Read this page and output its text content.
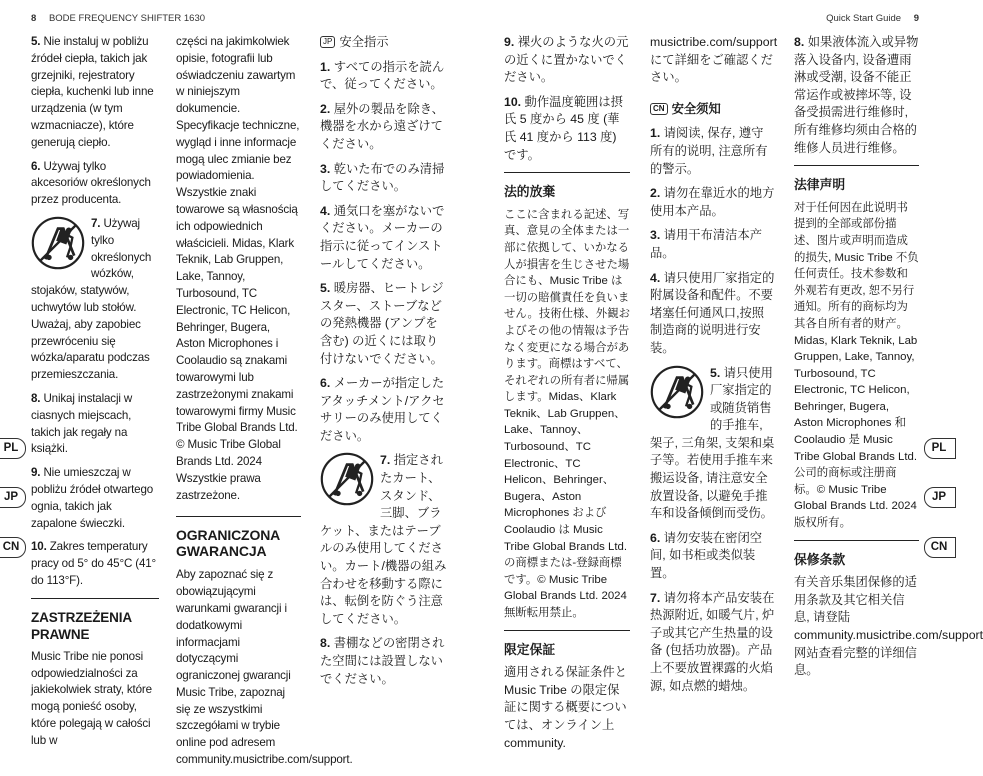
8 BODE FREQUENCY SHIFTER 1630	Quick Start Guide 9
PL
JP
CN
PL
JP
CN

5. Nie instaluj w pobliżu źródeł ciepła, takich jak grzejniki, rejestratory ciepła, kuchenki lub inne urządzenia (w tym wzmacniacze), które generują ciepło.

6. Używaj tylko akcesoriów określonych przez producenta.

7. Używaj tylko określonych wózków, stojaków, statywów, uchwytów lub stołów. Uważaj, aby zapobiec przewróceniu się wózka/aparatu podczas przemieszczania.

8. Unikaj instalacji w ciasnych miejscach, takich jak regały na książki.

9. Nie umieszczaj w pobliżu źródeł otwartego ognia, takich jak zapalone świeczki.

10. Zakres temperatury pracy od 5° do 45°C (41° do 113°F).

ZASTRZEŻENIA PRAWNE

Music Tribe nie ponosi odpowiedzialności za jakiekolwiek straty, które mogą ponieść osoby, które polegają w całości lub w

części na jakimkolwiek opisie, fotografii lub oświadczeniu zawartym w niniejszym dokumencie. Specyfikacje techniczne, wygląd i inne informacje mogą ulec zmianie bez powiadomienia. Wszystkie znaki towarowe są własnością ich odpowiednich właścicieli. Midas, Klark Teknik, Lab Gruppen, Lake, Tannoy, Turbosound, TC Electronic, TC Helicon, Behringer, Bugera, Aston Microphones i Coolaudio są znakami towarowymi lub zastrzeżonymi znakami towarowymi firmy Music Tribe Global Brands Ltd. © Music Tribe Global Brands Ltd. 2024 Wszystkie prawa zastrzeżone.

OGRANICZONA GWARANCJA

Aby zapoznać się z obowiązującymi warunkami gwarancji i dodatkowymi informacjami dotyczącymi ograniczonej gwarancji Music Tribe, zapoznaj się ze wszystkimi szczegółami w trybie online pod adresem community.musictribe.com/support.

JP 安全指示

1. すべての指示を読んで、従ってください。

2. 屋外の製品を除き、機器を水から遠ざけてください。

3. 乾いた布でのみ清掃してください。

4. 通気口を塞がないでください。メーカーの指示に従ってインストールしてください。

5. 暖房器、ヒートレジスター、ストーブなどの発熱機器 (アンプを含む) の近くには取り付けないでください。

6. メーカーが指定したアタッチメント/アクセサリーのみ使用してください。

7. 指定されたカート、スタンド、三脚、ブラケット、またはテーブルのみ使用してください。カート/機器の組み合わせを移動する際には、転倒を防ぐう注意してください。

8. 書棚などの密閉された空間には設置しないでください。

9. 裸火のような火の元の近くに置かないでください。

10. 動作温度範囲は摂氏 5 度から 45 度 (華氏 41 度から 113 度) です。

法的放棄

ここに含まれる記述、写真、意見の全体または一部に依拠して、いかなる人が損害を生じさせた場合にも、Music Tribe は一切の賠償責任を負いません。技術仕様、外観およびその他の情報は予告なく変更になる場合があります。商標はすべて、それぞれの所有者に帰属します。Midas、Klark Teknik、Lab Gruppen、Lake、Tannoy、Turbosound、TC Electronic、TC Helicon、Behringer、Bugera、Aston Microphones および Coolaudio は Music Tribe Global Brands Ltd. の商標または-登録商標です。© Music Tribe Global Brands Ltd. 2024 無断転用禁止。

限定保証

適用される保証条件と Music Tribe の限定保証に関する概要については、オンライン上 community.

musictribe.com/support にて詳細をご確認ください。

CN 安全须知

1. 请阅读, 保存, 遵守所有的说明, 注意所有的警示。

2. 请勿在靠近水的地方使用本产品。

3. 请用干布清洁本产品。

4. 请只使用厂家指定的附属设备和配件。不要堵塞任何通风口,按照制造商的说明进行安装。

5. 请只使用厂家指定的或随货销售的手推车, 架子, 三角架, 支架和桌子等。若使用手推车来搬运设备, 请注意安全放置设备, 以避免手推车和设备倾倒而受伤。

6. 请勿安装在密闭空间, 如书柜或类似装置。

7. 请勿将本产品安装在热源附近, 如暖气片, 炉子或其它产生热量的设备 (包括功放器)。产品上不要放置裸露的火焰源, 如点燃的蜡烛。

8. 如果液体流入或异物落入设备内, 设备遭雨淋或受潮, 设备不能正常运作或被摔坏等, 设备受损需进行维修时, 所有维修均须由合格的维修人员进行维修。

法律声明

对于任何因在此说明书提到的全部或部份描述、图片或声明而造成的损失, Music Tribe 不负任何责任。技术参数和外观若有更改, 恕不另行通知。所有的商标均为其各自所有者的财产。Midas, Klark Teknik, Lab Gruppen, Lake, Tannoy, Turbosound, TC Electronic, TC Helicon, Behringer, Bugera, Aston Microphones 和 Coolaudio 是 Music Tribe Global Brands Ltd. 公司的商标或注册商标。© Music Tribe Global Brands Ltd. 2024 版权所有。

保修条款

有关音乐集团保修的适用条款及其它相关信息, 请登陆 community.musictribe.com/support 网站查看完整的详细信息。
